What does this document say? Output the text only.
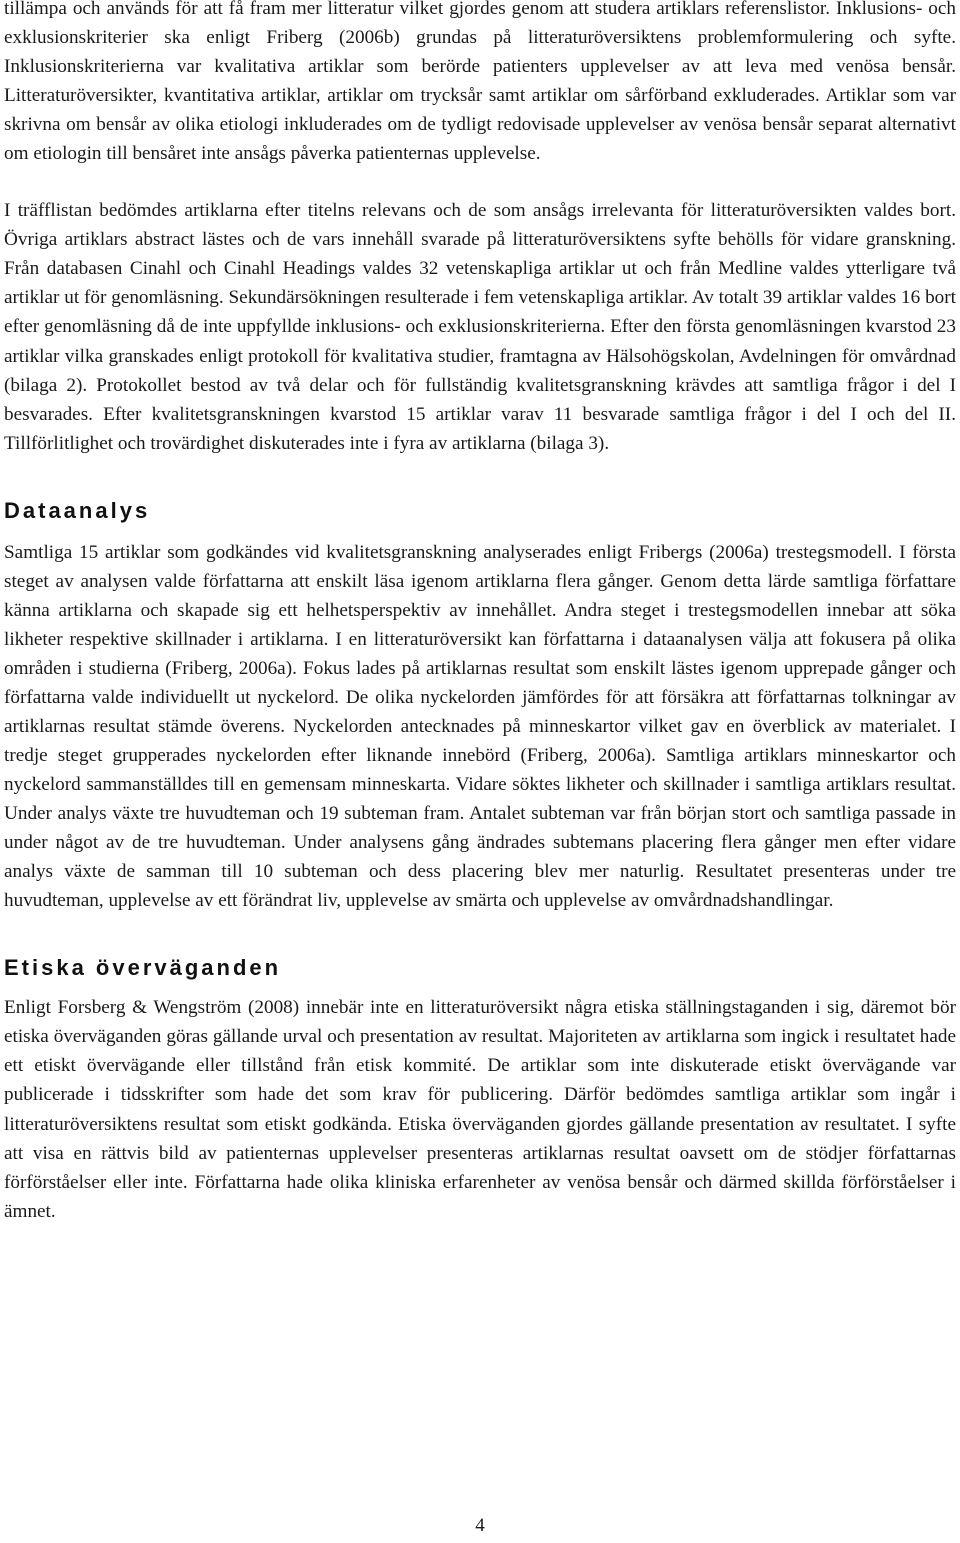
tillämpa och används för att få fram mer litteratur vilket gjordes genom att studera artiklars referenslistor. Inklusions- och exklusionskriterier ska enligt Friberg (2006b) grundas på litteraturöversiktens problemformulering och syfte. Inklusionskriterierna var kvalitativa artiklar som berörde patienters upplevelser av att leva med venösa bensår. Litteraturöversikter, kvantitativa artiklar, artiklar om trycksår samt artiklar om sårförband exkluderades. Artiklar som var skrivna om bensår av olika etiologi inkluderades om de tydligt redovisade upplevelser av venösa bensår separat alternativt om etiologin till bensåret inte ansågs påverka patienternas upplevelse.

I träfflistan bedömdes artiklarna efter titelns relevans och de som ansågs irrelevanta för litteraturöversikten valdes bort. Övriga artiklars abstract lästes och de vars innehåll svarade på litteraturöversiktens syfte behölls för vidare granskning. Från databasen Cinahl och Cinahl Headings valdes 32 vetenskapliga artiklar ut och från Medline valdes ytterligare två artiklar ut för genomläsning. Sekundärsökningen resulterade i fem vetenskapliga artiklar. Av totalt 39 artiklar valdes 16 bort efter genomläsning då de inte uppfyllde inklusions- och exklusionskriterierna. Efter den första genomläsningen kvarstod 23 artiklar vilka granskades enligt protokoll för kvalitativa studier, framtagna av Hälsohögskolan, Avdelningen för omvårdnad (bilaga 2). Protokollet bestod av två delar och för fullständig kvalitetsgranskning krävdes att samtliga frågor i del I besvarades. Efter kvalitetsgranskningen kvarstod 15 artiklar varav 11 besvarade samtliga frågor i del I och del II. Tillförlitlighet och trovärdighet diskuterades inte i fyra av artiklarna (bilaga 3).

Dataanalys

Samtliga 15 artiklar som godkändes vid kvalitetsgranskning analyserades enligt Fribergs (2006a) trestegsmodell. I första steget av analysen valde författarna att enskilt läsa igenom artiklarna flera gånger. Genom detta lärde samtliga författare känna artiklarna och skapade sig ett helhetsperspektiv av innehållet. Andra steget i trestegsmodellen innebar att söka likheter respektive skillnader i artiklarna. I en litteraturöversikt kan författarna i dataanalysen välja att fokusera på olika områden i studierna (Friberg, 2006a). Fokus lades på artiklarnas resultat som enskilt lästes igenom upprepade gånger och författarna valde individuellt ut nyckelord. De olika nyckelorden jämfördes för att försäkra att författarnas tolkningar av artiklarnas resultat stämde överens. Nyckelorden antecknades på minneskartor vilket gav en överblick av materialet. I tredje steget grupperades nyckelorden efter liknande innebörd (Friberg, 2006a). Samtliga artiklars minneskartor och nyckelord sammanställdes till en gemensam minneskarta. Vidare söktes likheter och skillnader i samtliga artiklars resultat. Under analys växte tre huvudteman och 19 subteman fram. Antalet subteman var från början stort och samtliga passade in under något av de tre huvudteman. Under analysens gång ändrades subtemans placering flera gånger men efter vidare analys växte de samman till 10 subteman och dess placering blev mer naturlig. Resultatet presenteras under tre huvudteman, upplevelse av ett förändrat liv, upplevelse av smärta och upplevelse av omvårdnadshandlingar.

Etiska överväganden

Enligt Forsberg & Wengström (2008) innebär inte en litteraturöversikt några etiska ställningstaganden i sig, däremot bör etiska överväganden göras gällande urval och presentation av resultat. Majoriteten av artiklarna som ingick i resultatet hade ett etiskt övervägande eller tillstånd från etisk kommité. De artiklar som inte diskuterade etiskt övervägande var publicerade i tidsskrifter som hade det som krav för publicering. Därför bedömdes samtliga artiklar som ingår i litteraturöversiktens resultat som etiskt godkända. Etiska överväganden gjordes gällande presentation av resultatet. I syfte att visa en rättvis bild av patienternas upplevelser presenteras artiklarnas resultat oavsett om de stödjer författarnas förförståelser eller inte. Författarna hade olika kliniska erfarenheter av venösa bensår och därmed skillda förförståelser i ämnet.

4
